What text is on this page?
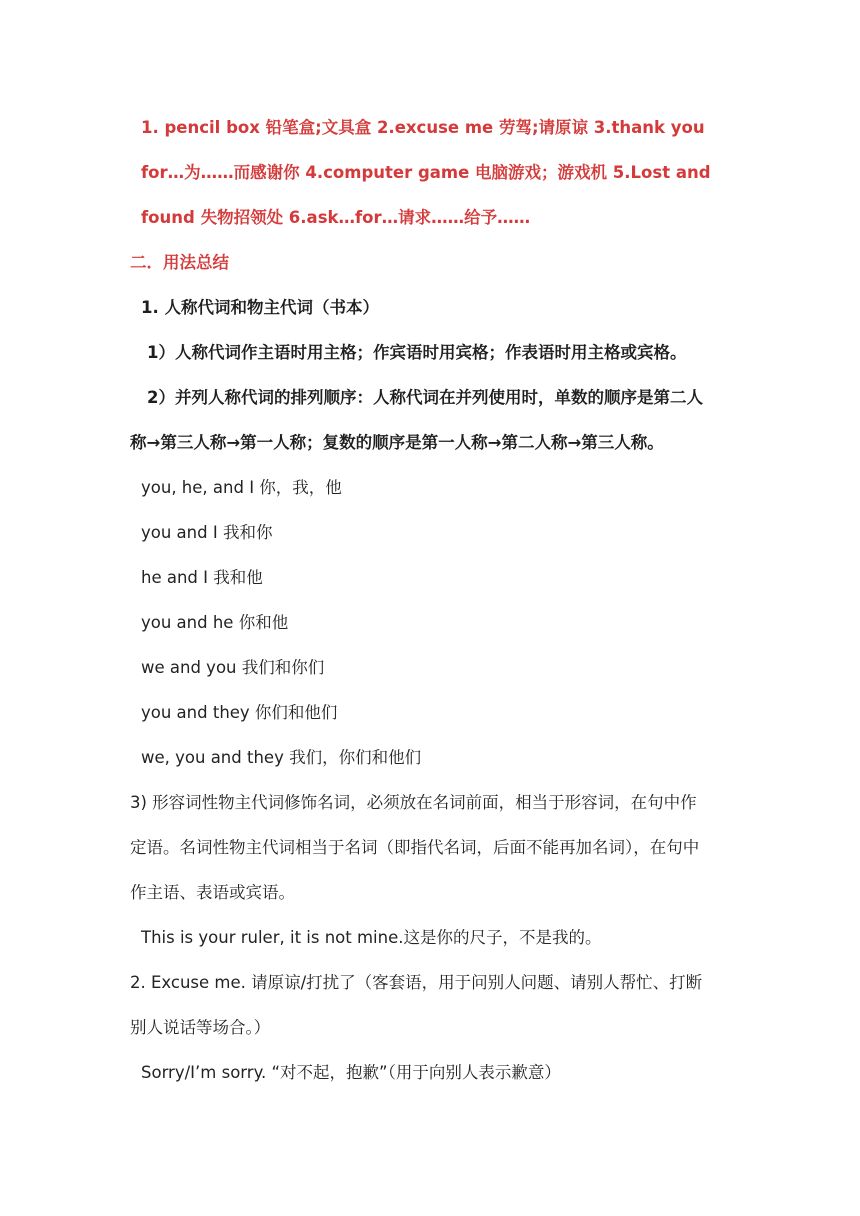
1. pencil box 铅笔盒;文具盒 2.excuse me 劳驾;请原谅 3.thank you
for…为……而感谢你 4.computer game 电脑游戏；游戏机 5.Lost and
found 失物招领处 6.ask…for…请求……给予……
二．用法总结
1. 人称代词和物主代词（书本）
1）人称代词作主语时用主格；作宾语时用宾格；作表语时用主格或宾格。
2）并列人称代词的排列顺序：人称代词在并列使用时，单数的顺序是第二人
称→第三人称→第一人称；复数的顺序是第一人称→第二人称→第三人称。
you, he, and I 你，我，他
you and I 我和你
he and I 我和他
you and he 你和他
we and you 我们和你们
you and they 你们和他们
we, you and they 我们，你们和他们
3) 形容词性物主代词修饰名词，必须放在名词前面，相当于形容词，在句中作
定语。名词性物主代词相当于名词（即指代名词，后面不能再加名词），在句中
作主语、表语或宾语。
This is your ruler, it is not mine.这是你的尺子，不是我的。
2. Excuse me. 请原谅/打扰了（客套语，用于问别人问题、请别人帮忙、打断
别人说话等场合。）
Sorry/I’m sorry. “对不起，抱歉”（用于向别人表示歉意）
